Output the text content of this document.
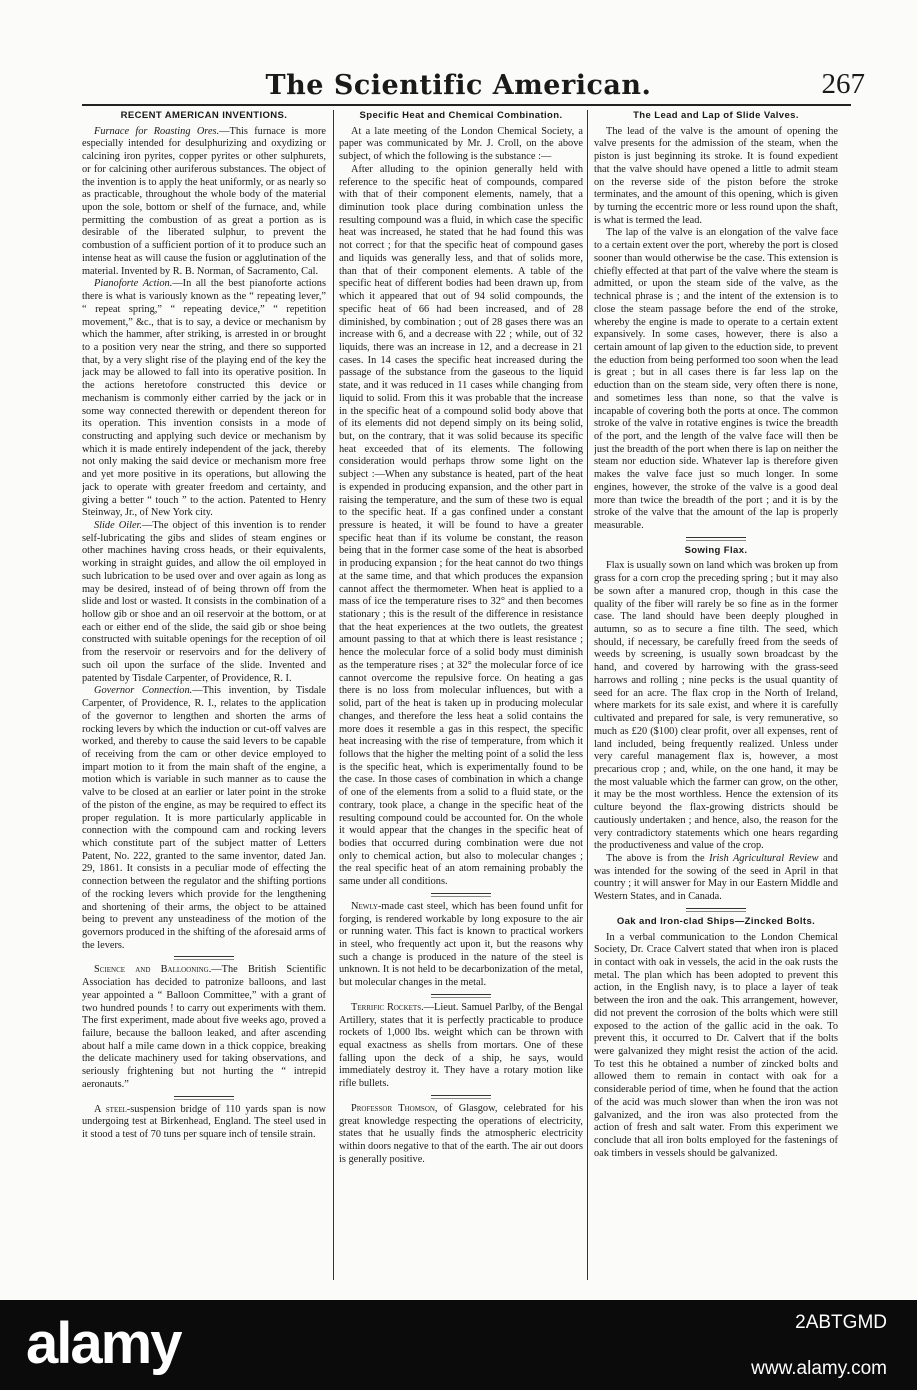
The Scientific American.	267
RECENT AMERICAN INVENTIONS.

Furnace for Roasting Ores.—This furnace is more especially intended for desulphurizing and oxydizing or calcining iron pyrites, copper pyrites or other sulphurets, or for calcining other auriferous substances. The object of the invention is to apply the heat uniformly, or as nearly so as practicable, throughout the whole body of the material upon the sole, bottom or shelf of the furnace, and, while permitting the combustion of as great a portion as is desirable of the liberated sulphur, to prevent the combustion of a sufficient portion of it to produce such an intense heat as will cause the fusion or agglutination of the material. Invented by R. B. Norman, of Sacramento, Cal.

Pianoforte Action.—In all the best pianoforte actions there is what is variously known as the “ repeating lever,” “ repeat spring,” “ repeating device,” “ repetition movement,” &c., that is to say, a device or mechanism by which the hammer, after striking, is arrested in or brought to a position very near the string, and there so supported that, by a very slight rise of the playing end of the key the jack may be allowed to fall into its operative position. In the actions heretofore constructed this device or mechanism is commonly either carried by the jack or in some way connected therewith or dependent thereon for its operation. This invention consists in a mode of constructing and applying such device or mechanism by which it is made entirely independent of the jack, thereby not only making the said device or mechanism more free and yet more positive in its operations, but allowing the jack to operate with greater freedom and certainty, and giving a better “ touch ” to the action. Patented to Henry Steinway, Jr., of New York city.

Slide Oiler.—The object of this invention is to render self-lubricating the gibs and slides of steam engines or other machines having cross heads, or their equivalents, working in straight guides, and allow the oil employed in such lubrication to be used over and over again as long as may be desired, instead of of being thrown off from the slide and lost or wasted. It consists in the combination of a hollow gib or shoe and an oil reservoir at the bottom, or at each or either end of the slide, the said gib or shoe being constructed with suitable openings for the reception of oil from the reservoir or reservoirs and for the delivery of such oil upon the surface of the slide. Invented and patented by Tisdale Carpenter, of Providence, R. I.

Governor Connection.—This invention, by Tisdale Carpenter, of Providence, R. I., relates to the application of the governor to lengthen and shorten the arms of rocking levers by which the induction or cut-off valves are worked, and thereby to cause the said levers to be capable of receiving from the cam or other device employed to impart motion to it from the main shaft of the engine, a motion which is variable in such manner as to cause the valve to be closed at an earlier or later point in the stroke of the piston of the engine, as may be required to effect its proper regulation. It is more particularly applicable in connection with the compound cam and rocking levers which constitute part of the subject matter of Letters Patent, No. 222, granted to the same inventor, dated Jan. 29, 1861. It consists in a peculiar mode of effecting the connection between the regulator and the shifting portions of the rocking levers which provide for the lengthening and shortening of their arms, the object to be attained being to prevent any unsteadiness of the motion of the governors produced in the shifting of the aforesaid arms of the levers.

Science and Ballooning.—The British Scientific Association has decided to patronize balloons, and last year appointed a “ Balloon Committee,” with a grant of two hundred pounds ! to carry out experiments with them. The first experiment, made about five weeks ago, proved a failure, because the balloon leaked, and after ascending about half a mile came down in a thick coppice, breaking the delicate machinery used for taking observations, and seriously frightening but not hurting the “ intrepid aeronauts.”

A steel-suspension bridge of 110 yards span is now undergoing test at Birkenhead, England. The steel used in it stood a test of 70 tuns per square inch of tensile strain.

Specific Heat and Chemical Combination.

At a late meeting of the London Chemical Society, a paper was communicated by Mr. J. Croll, on the above subject, of which the following is the substance :—

After alluding to the opinion generally held with reference to the specific heat of compounds, compared with that of their component elements, namely, that a diminution took place during combination unless the resulting compound was a fluid, in which case the specific heat was increased, he stated that he had found this was not correct ; for that the specific heat of compound gases and liquids was generally less, and that of solids more, than that of their component elements. A table of the specific heat of different bodies had been drawn up, from which it appeared that out of 94 solid compounds, the specific heat of 66 had been increased, and of 28 diminished, by combination ; out of 28 gases there was an increase with 6, and a decrease with 22 ; while, out of 32 liquids, there was an increase in 12, and a decrease in 21 cases. In 14 cases the specific heat increased during the passage of the substance from the gaseous to the liquid state, and it was reduced in 11 cases while changing from liquid to solid. From this it was probable that the increase in the specific heat of a compound solid body above that of its elements did not depend simply on its being solid, but, on the contrary, that it was solid because its specific heat exceeded that of its elements. The following consideration would perhaps throw some light on the subject :—When any substance is heated, part of the heat is expended in producing expansion, and the other part in raising the temperature, and the sum of these two is equal to the specific heat. If a gas confined under a constant pressure is heated, it will be found to have a greater specific heat than if its volume be constant, the reason being that in the former case some of the heat is absorbed in producing expansion ; for the heat cannot do two things at the same time, and that which produces the expansion cannot affect the thermometer. When heat is applied to a mass of ice the temperature rises to 32° and then becomes stationary ; this is the result of the difference in resistance that the heat experiences at the two outlets, the greatest amount passing to that at which there is least resistance ; hence the molecular force of a solid body must diminish as the temperature rises ; at 32° the molecular force of ice cannot overcome the repulsive force. On heating a gas there is no loss from molecular influences, but with a solid, part of the heat is taken up in producing molecular changes, and therefore the less heat a solid contains the more does it resemble a gas in this respect, the specific heat increasing with the rise of temperature, from which it follows that the higher the melting point of a solid the less is the specific heat, which is experimentally found to be the case. In those cases of combination in which a change of one of the elements from a solid to a fluid state, or the contrary, took place, a change in the specific heat of the resulting compound could be accounted for. On the whole it would appear that the changes in the specific heat of bodies that occurred during combination were due not only to chemical action, but also to molecular changes ; the real specific heat of an atom remaining probably the same under all conditions.

Newly-made cast steel, which has been found unfit for forging, is rendered workable by long exposure to the air or running water. This fact is known to practical workers in steel, who frequently act upon it, but the reasons why such a change is produced in the nature of the steel is unknown. It is not held to be decarbonization of the metal, but molecular changes in the metal.

Terrific Rockets.—Lieut. Samuel Parlby, of the Bengal Artillery, states that it is perfectly practicable to produce rockets of 1,000 lbs. weight which can be thrown with equal exactness as shells from mortars. One of these falling upon the deck of a ship, he says, would immediately destroy it. They have a rotary motion like rifle bullets.

Professor Thomson, of Glasgow, celebrated for his great knowledge respecting the operations of electricity, states that he usually finds the atmospheric electricity within doors negative to that of the earth. The air out doors is generally positive.

The Lead and Lap of Slide Valves.

The lead of the valve is the amount of opening the valve presents for the admission of the steam, when the piston is just beginning its stroke. It is found expedient that the valve should have opened a little to admit steam on the reverse side of the piston before the stroke terminates, and the amount of this opening, which is given by turning the eccentric more or less round upon the shaft, is what is termed the lead.

The lap of the valve is an elongation of the valve face to a certain extent over the port, whereby the port is closed sooner than would otherwise be the case. This extension is chiefly effected at that part of the valve where the steam is admitted, or upon the steam side of the valve, as the technical phrase is ; and the intent of the extension is to close the steam passage before the end of the stroke, whereby the engine is made to operate to a certain extent expansively. In some cases, however, there is also a certain amount of lap given to the eduction side, to prevent the eduction from being performed too soon when the lead is great ; but in all cases there is far less lap on the eduction than on the steam side, very often there is none, and sometimes less than none, so that the valve is incapable of covering both the ports at once. The common stroke of the valve in rotative engines is twice the breadth of the port, and the length of the valve face will then be just the breadth of the port when there is lap on neither the steam nor eduction side. Whatever lap is therefore given makes the valve face just so much longer. In some engines, however, the stroke of the valve is a good deal more than twice the breadth of the port ; and it is by the stroke of the valve that the amount of the lap is properly measurable.

Sowing Flax.

Flax is usually sown on land which was broken up from grass for a corn crop the preceding spring ; but it may also be sown after a manured crop, though in this case the quality of the fiber will rarely be so fine as in the former case. The land should have been deeply ploughed in autumn, so as to secure a fine tilth. The seed, which should, if necessary, be carefully freed from the seeds of weeds by screening, is usually sown broadcast by the hand, and covered by harrowing with the grass-seed harrows and rolling ; nine pecks is the usual quantity of seed for an acre. The flax crop in the North of Ireland, where markets for its sale exist, and where it is carefully cultivated and prepared for sale, is very remunerative, so much as £20 ($100) clear profit, over all expenses, rent of land included, being frequently realized. Unless under very careful management flax is, however, a most precarious crop ; and, while, on the one hand, it may be the most valuable which the farmer can grow, on the other, it may be the most worthless. Hence the extension of its culture beyond the flax-growing districts should be cautiously undertaken ; and hence, also, the reason for the very contradictory statements which one hears regarding the productiveness and value of the crop.

The above is from the Irish Agricultural Review and was intended for the sowing of the seed in April in that country ; it will answer for May in our Eastern Middle and Western States, and in Canada.

Oak and Iron-clad Ships—Zincked Bolts.

In a verbal communication to the London Chemical Society, Dr. Crace Calvert stated that when iron is placed in contact with oak in vessels, the acid in the oak rusts the metal. The plan which has been adopted to prevent this action, in the English navy, is to place a layer of teak between the iron and the oak. This arrangement, however, did not prevent the corrosion of the bolts which were still exposed to the action of the gallic acid in the oak. To prevent this, it occurred to Dr. Calvert that if the bolts were galvanized they might resist the action of the acid. To test this he obtained a number of zincked bolts and allowed them to remain in contact with oak for a considerable period of time, when he found that the action of the acid was much slower than when the iron was not galvanized, and the iron was also protected from the action of fresh and salt water. From this experiment we conclude that all iron bolts employed for the fastenings of oak timbers in vessels should be galvanized.

alamy	2ABTGMD
www.alamy.com
